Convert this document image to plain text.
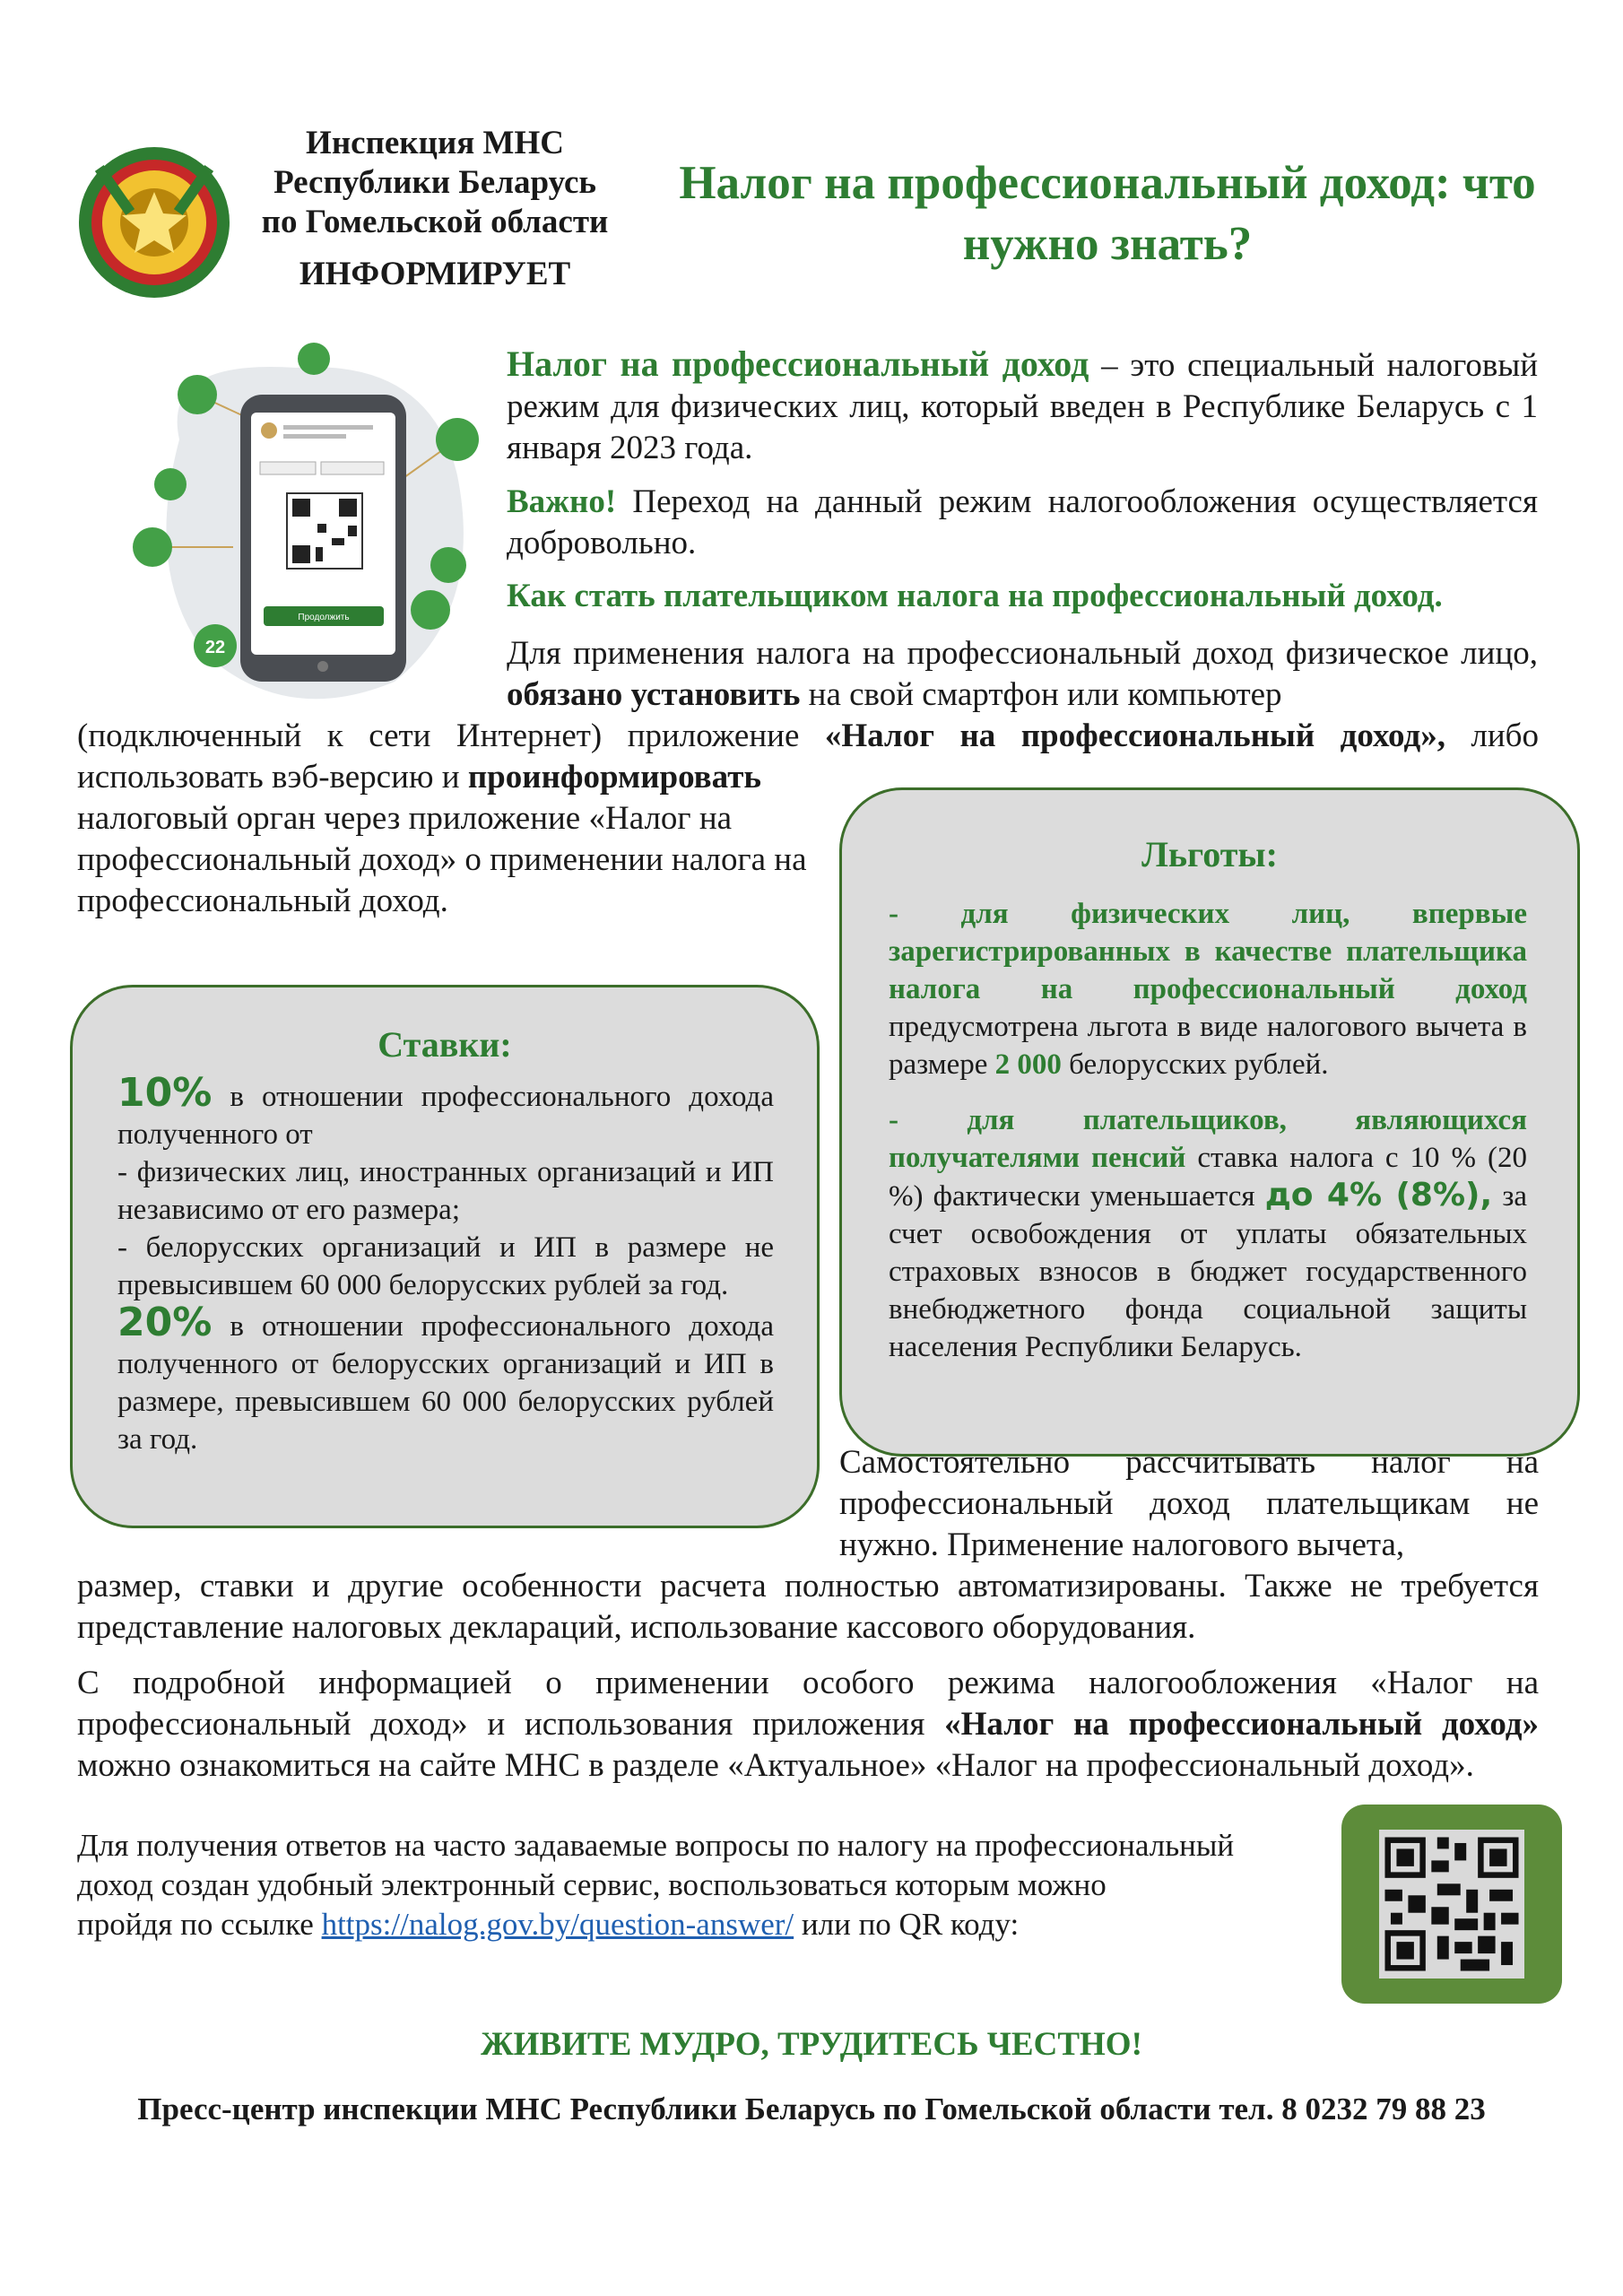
Инспекция МНС
Республики Беларусь
по Гомельской области
ИНФОРМИРУЕТ
Налог на профессиональный доход: что нужно знать?
Продолжить
22
Налог на профессиональный доход – это специальный налоговый режим для физических лиц, который введен в Республике Беларусь с 1 января 2023 года.
Важно! Переход на данный режим налогообложения осуществляется добровольно.
Как стать плательщиком налога на профессиональный доход.
Для применения налога на профессиональный доход физическое лицо, обязано установить на свой смартфон или компьютер
(подключенный к сети Интернет) приложение «Налог на профессиональный доход», либо
использовать вэб-версию и проинформировать
налоговый орган через приложение «Налог на профессиональный доход» о применении налога на профессиональный доход.
Ставки:

10% в отношении профессионального дохода полученного от

- физических лиц, иностранных организаций и ИП независимо от его размера;

- белорусских организаций и ИП в размере не превысившем 60 000 белорусских рублей за год.

20% в отношении профессионального дохода полученного от белорусских организаций и ИП в размере, превысившем 60 000 белорусских рублей за год.

Льготы:

- для физических лиц, впервые зарегистрированных в качестве плательщика налога на профессиональный доход предусмотрена льгота в виде налогового вычета в размере 2 000 белорусских рублей.

- для плательщиков, являющихся получателями пенсий ставка налога с 10 % (20 %) фактически уменьшается до 4% (8%), за счет освобождения от уплаты обязательных страховых взносов в бюджет государственного внебюджетного фонда социальной защиты населения Республики Беларусь.

Самостоятельно рассчитывать налог на профессиональный доход плательщикам не нужно. Применение налогового вычета,
размер, ставки и другие особенности расчета полностью автоматизированы. Также не требуется представление налоговых деклараций, использование кассового оборудования.
С подробной информацией о применении особого режима налогообложения «Налог на профессиональный доход» и использования приложения «Налог на профессиональный доход» можно ознакомиться на сайте МНС в разделе «Актуальное» «Налог на профессиональный доход».
Для получения ответов на часто задаваемые вопросы по налогу на профессиональный
доход создан удобный электронный сервис, воспользоваться которым можно
пройдя по ссылке https://nalog.gov.by/question-answer/ или по QR коду:
ЖИВИТЕ МУДРО, ТРУДИТЕСЬ ЧЕСТНО!
Пресс-центр инспекции МНС Республики Беларусь по Гомельской области тел. 8 0232 79 88 23
